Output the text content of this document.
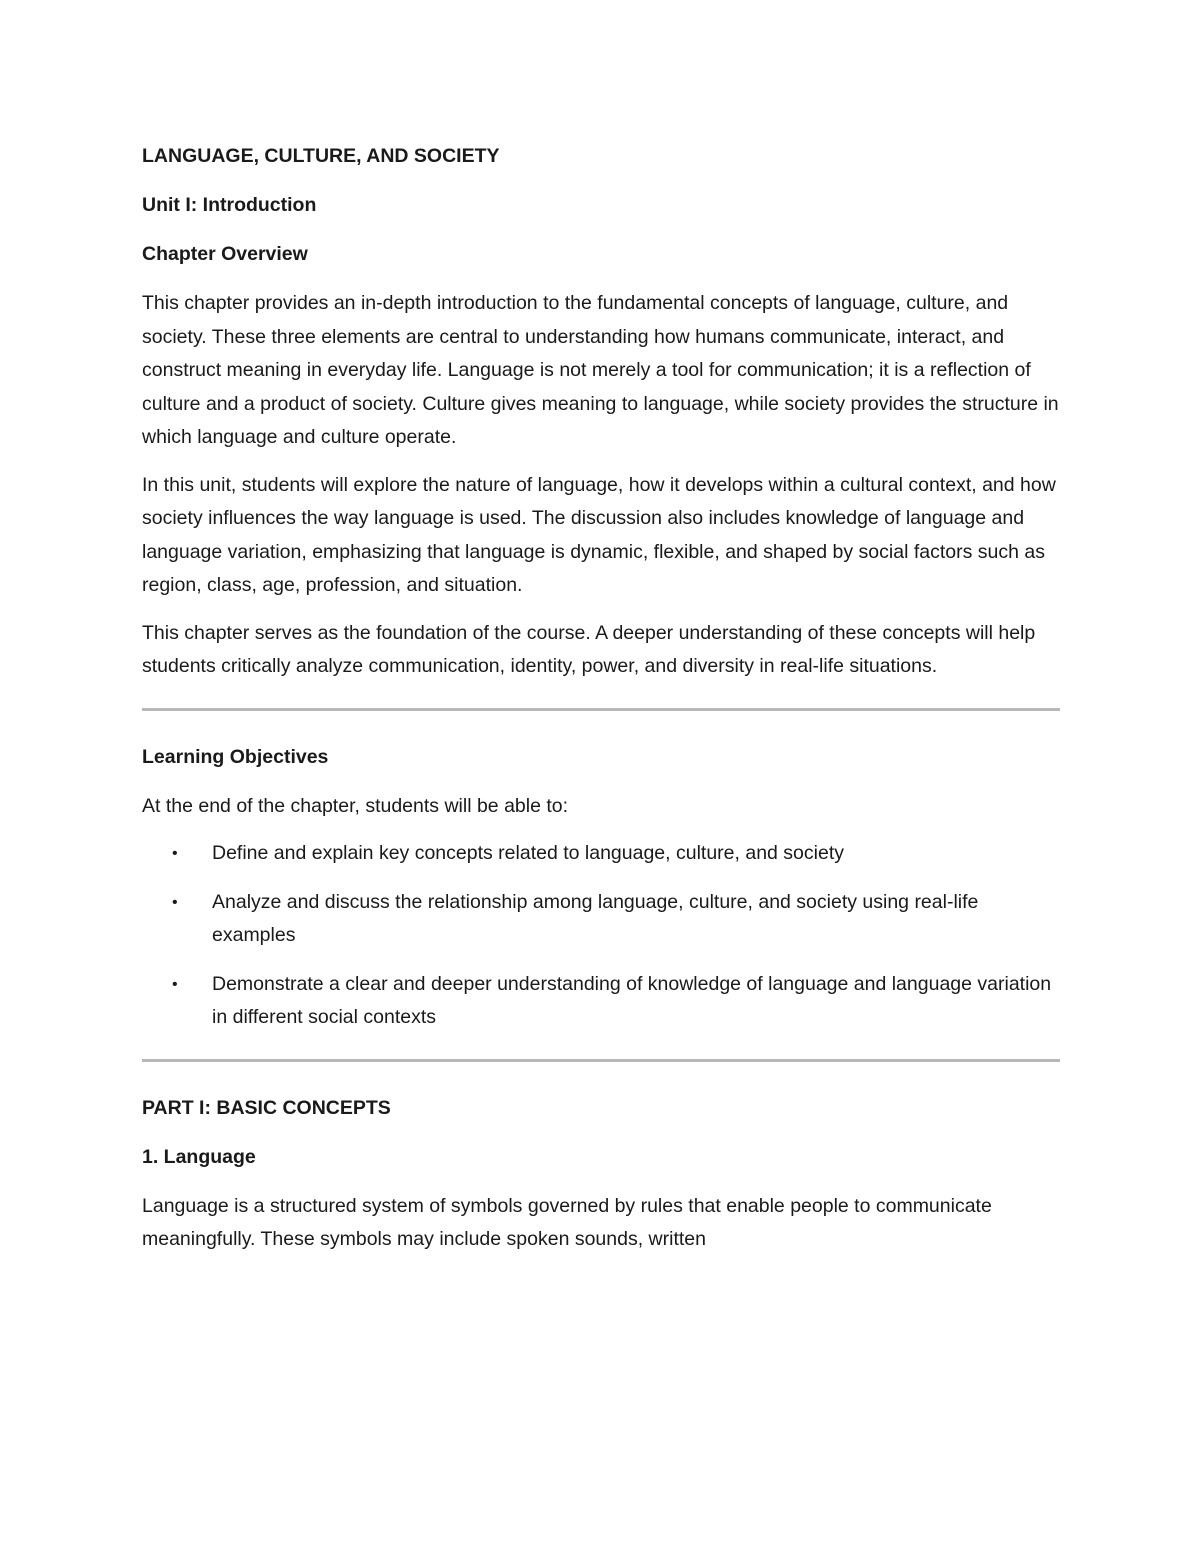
LANGUAGE, CULTURE, AND SOCIETY
Unit I: Introduction
Chapter Overview

This chapter provides an in-depth introduction to the fundamental concepts of language, culture, and society. These three elements are central to understanding how humans communicate, interact, and construct meaning in everyday life. Language is not merely a tool for communication; it is a reflection of culture and a product of society. Culture gives meaning to language, while society provides the structure in which language and culture operate.

In this unit, students will explore the nature of language, how it develops within a cultural context, and how society influences the way language is used. The discussion also includes knowledge of language and language variation, emphasizing that language is dynamic, flexible, and shaped by social factors such as region, class, age, profession, and situation.

This chapter serves as the foundation of the course. A deeper understanding of these concepts will help students critically analyze communication, identity, power, and diversity in real-life situations.

Learning Objectives

At the end of the chapter, students will be able to:

• Define and explain key concepts related to language, culture, and society
• Analyze and discuss the relationship among language, culture, and society using real-life examples
• Demonstrate a clear and deeper understanding of knowledge of language and language variation in different social contexts
PART I: BASIC CONCEPTS
1. Language

Language is a structured system of symbols governed by rules that enable people to communicate meaningfully. These symbols may include spoken sounds, written
